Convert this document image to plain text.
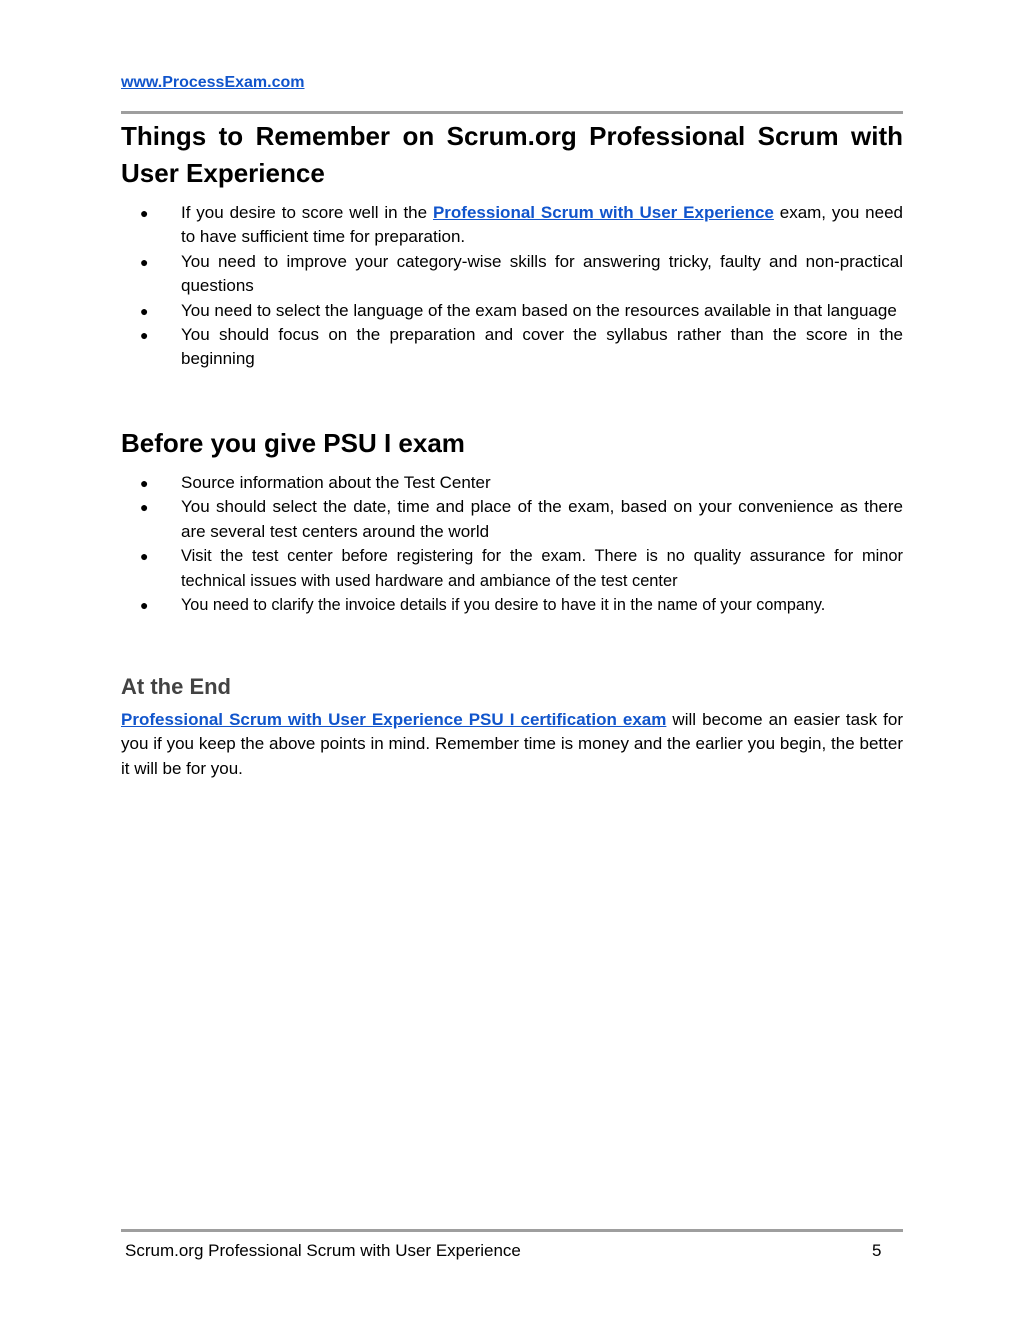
www.ProcessExam.com
Things to Remember on Scrum.org Professional Scrum with User Experience
● If you desire to score well in the Professional Scrum with User Experience exam, you need to have sufficient time for preparation.
● You need to improve your category-wise skills for answering tricky, faulty and non-practical questions
● You need to select the language of the exam based on the resources available in that language
● You should focus on the preparation and cover the syllabus rather than the score in the beginning
Before you give PSU I exam
● Source information about the Test Center
● You should select the date, time and place of the exam, based on your convenience as there are several test centers around the world
● Visit the test center before registering for the exam. There is no quality assurance for minor technical issues with used hardware and ambiance of the test center
● You need to clarify the invoice details if you desire to have it in the name of your company.
At the End

Professional Scrum with User Experience PSU I certification exam will become an easier task for you if you keep the above points in mind. Remember time is money and the earlier you begin, the better it will be for you.

Scrum.org Professional Scrum with User Experience	5
